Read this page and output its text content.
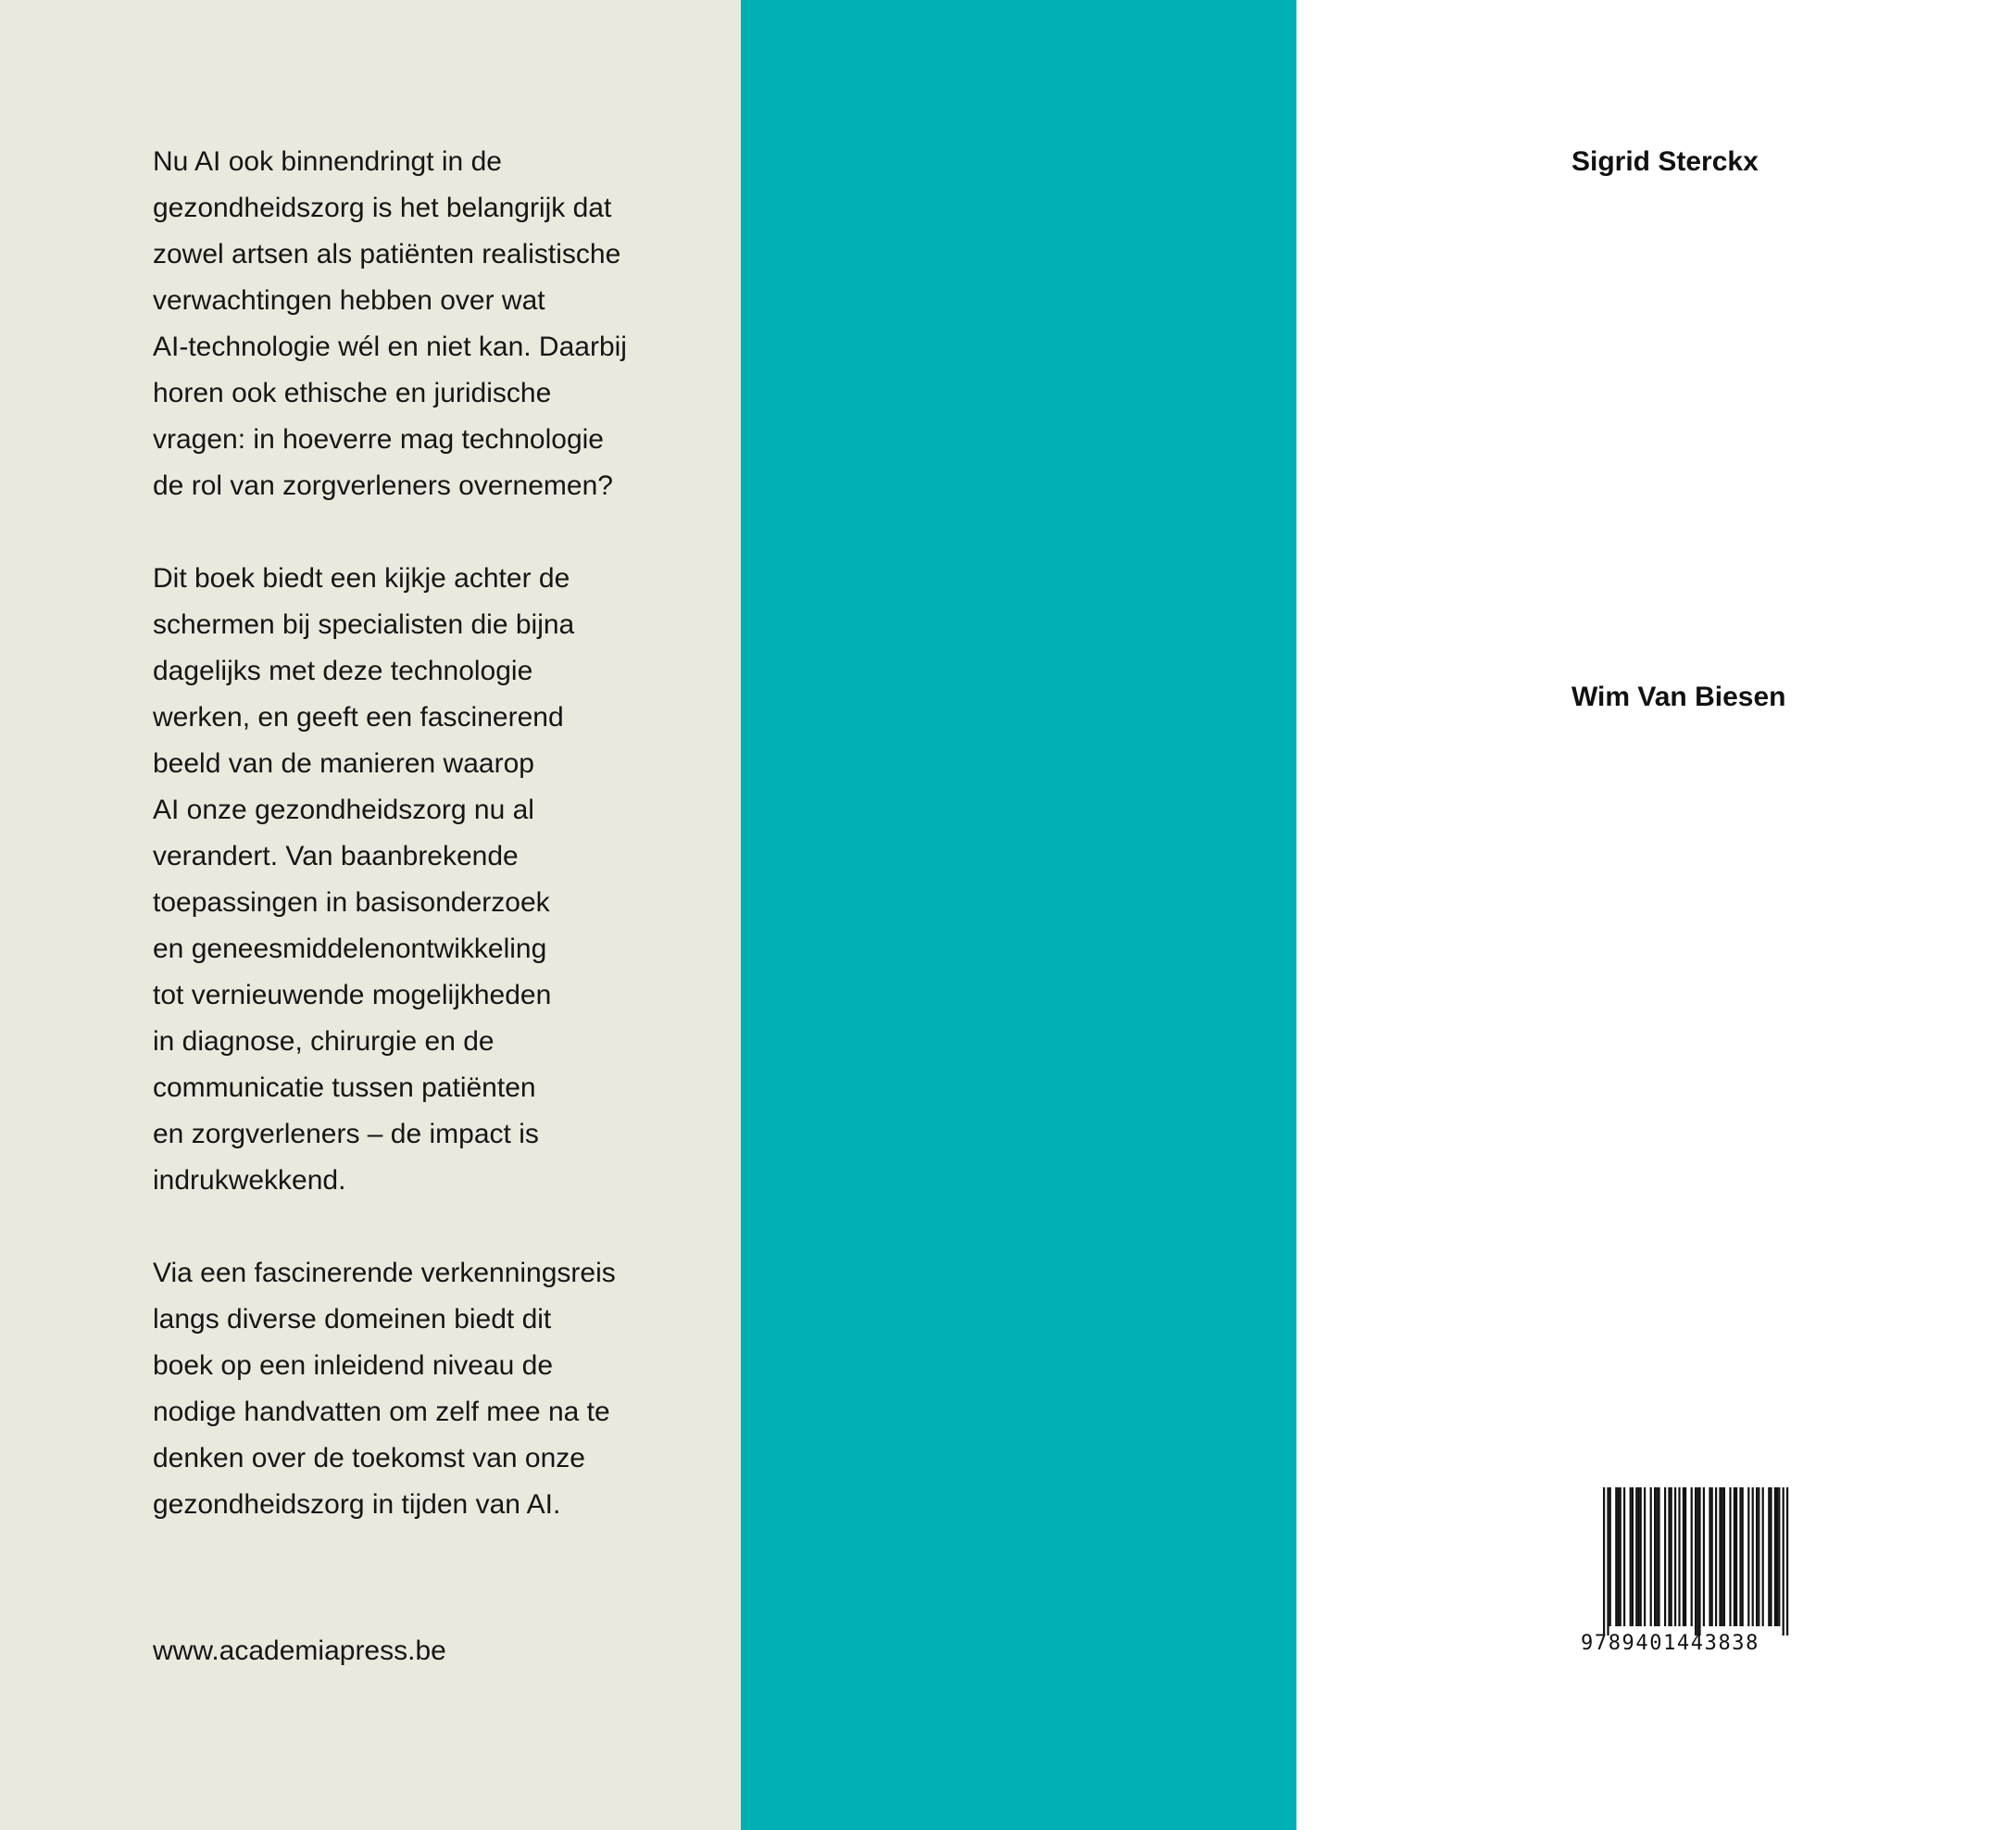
Nu AI ook binnendringt in de
gezondheidszorg is het belangrijk dat
zowel artsen als patiënten realistische
verwachtingen hebben over wat
AI-technologie wél en niet kan. Daarbij
horen ook ethische en juridische
vragen: in hoeverre mag technologie
de rol van zorgverleners overnemen?

Dit boek biedt een kijkje achter de
schermen bij specialisten die bijna
dagelijks met deze technologie
werken, en geeft een fascinerend
beeld van de manieren waarop
AI onze gezondheidszorg nu al
verandert. Van baanbrekende
toepassingen in basisonderzoek
en geneesmiddelenontwikkeling
tot vernieuwende mogelijkheden
in diagnose, chirurgie en de
communicatie tussen patiënten
en zorgverleners – de impact is
indrukwekkend.

Via een fascinerende verkenningsreis
langs diverse domeinen biedt dit
boek op een inleidend niveau de
nodige handvatten om zelf mee na te
denken over de toekomst van onze
gezondheidszorg in tijden van AI.

www.academiapress.be

Sigrid Sterckx is
professor in de
ethiek en politieke en
sociale filosofie. Ze
is verbonden aan de
vakgroep Wijsbegeerte
en Moraalwetenschap
van de Universiteit
Gent en is stichtend
lid van het Bioethics
Institute Ghent.

Wim Van Biesen is
professor aan de
faculteit Geneeskunde
en Gezondheids-
wetenschappen van de
Universiteit Gent en
medisch diensthoofd
van de Nierziekten
aan het UZ Gent. Hij is
medeoprichter van het
Consortium Justifiable
Digital Healthcare in
UZ Gent.

9789401443838
